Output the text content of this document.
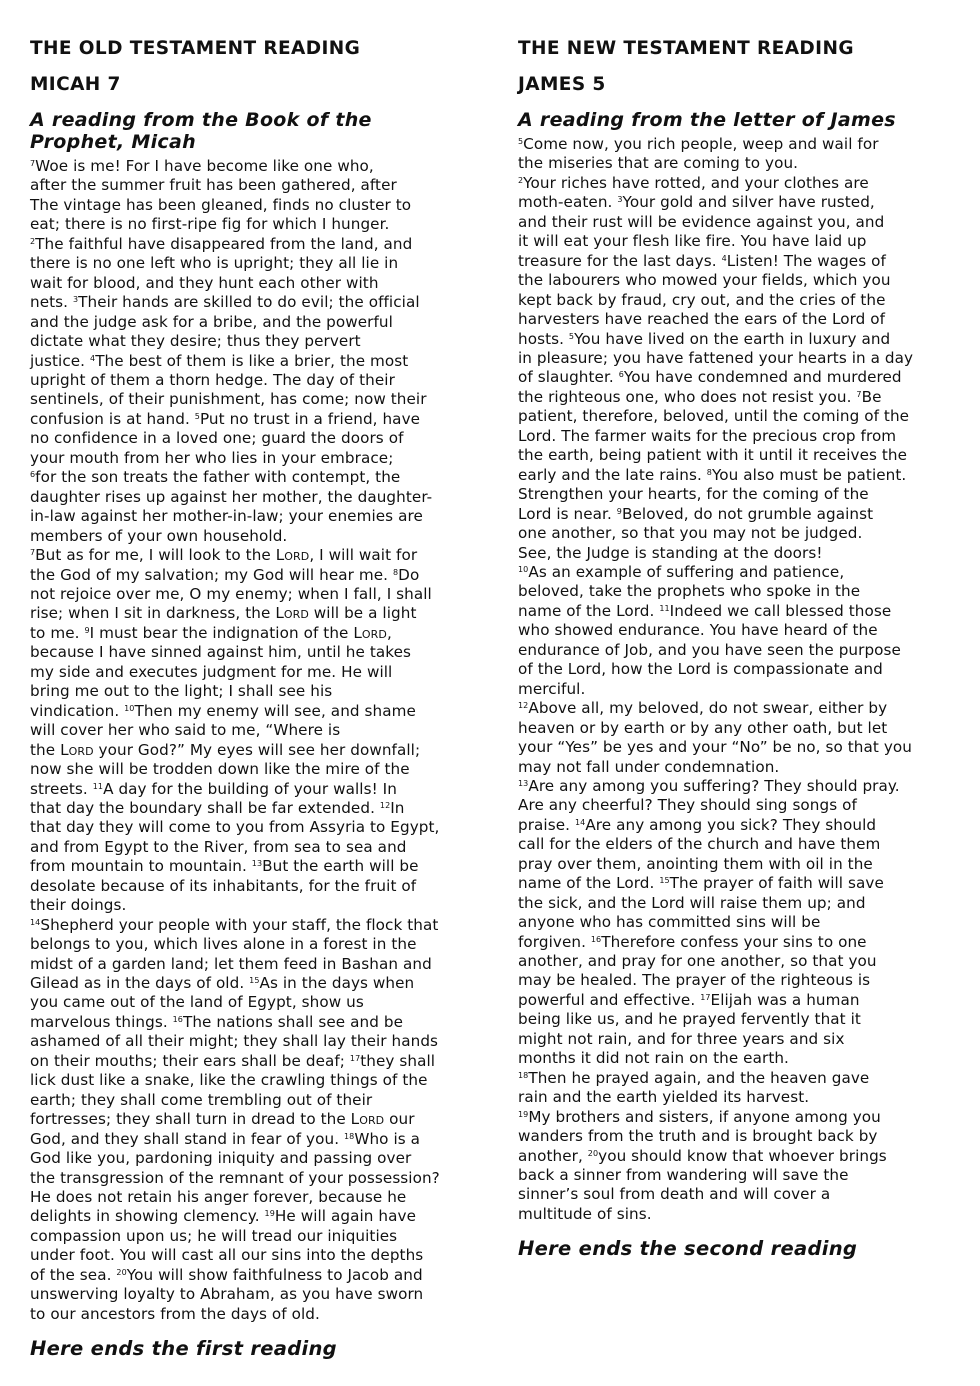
THE OLD TESTAMENT READING
MICAH 7
A reading from the Book of the Prophet, Micah
$^7$Woe is me! For I have become like one who,
after the summer fruit has been gathered, after
The vintage has been gleaned, finds no cluster to
eat; there is no first-ripe fig for which I hunger.
$^2$The faithful have disappeared from the land, and
there is no one left who is upright; they all lie in
wait for blood, and they hunt each other with
nets. $^3$Their hands are skilled to do evil; the official
and the judge ask for a bribe, and the powerful
dictate what they desire; thus they pervert
justice. $^4$The best of them is like a brier, the most
upright of them a thorn hedge. The day of their
sentinels, of their punishment, has come; now their
confusion is at hand. $^5$Put no trust in a friend, have
no confidence in a loved one; guard the doors of
your mouth from her who lies in your embrace;
$^6$for the son treats the father with contempt, the
daughter rises up against her mother, the daughter-
in-law against her mother-in-law; your enemies are
members of your own household.
$^7$But as for me, I will look to the Lord, I will wait for
the God of my salvation; my God will hear me. $^8$Do
not rejoice over me, O my enemy; when I fall, I shall
rise; when I sit in darkness, the Lord will be a light
to me. $^9$I must bear the indignation of the Lord,
because I have sinned against him, until he takes
my side and executes judgment for me. He will
bring me out to the light; I shall see his
vindication. $^{10}$Then my enemy will see, and shame
will cover her who said to me, “Where is
the Lord your God?” My eyes will see her downfall;
now she will be trodden down like the mire of the
streets. $^{11}$A day for the building of your walls! In
that day the boundary shall be far extended. $^{12}$In
that day they will come to you from Assyria to Egypt,
and from Egypt to the River, from sea to sea and
from mountain to mountain. $^{13}$But the earth will be
desolate because of its inhabitants, for the fruit of
their doings.
$^{14}$Shepherd your people with your staff, the flock that
belongs to you, which lives alone in a forest in the
midst of a garden land; let them feed in Bashan and
Gilead as in the days of old. $^{15}$As in the days when
you came out of the land of Egypt, show us
marvelous things. $^{16}$The nations shall see and be
ashamed of all their might; they shall lay their hands
on their mouths; their ears shall be deaf; $^{17}$they shall
lick dust like a snake, like the crawling things of the
earth; they shall come trembling out of their
fortresses; they shall turn in dread to the Lord our
God, and they shall stand in fear of you. $^{18}$Who is a
God like you, pardoning iniquity and passing over
the transgression of the remnant of your possession?
He does not retain his anger forever, because he
delights in showing clemency. $^{19}$He will again have
compassion upon us; he will tread our iniquities
under foot. You will cast all our sins into the depths
of the sea. $^{20}$You will show faithfulness to Jacob and
unswerving loyalty to Abraham, as you have sworn
to our ancestors from the days of old.
Here ends the first reading
THE NEW TESTAMENT READING
JAMES 5
A reading from the letter of James
$^5$Come now, you rich people, weep and wail for
the miseries that are coming to you.
$^2$Your riches have rotted, and your clothes are
moth-eaten. $^3$Your gold and silver have rusted,
and their rust will be evidence against you, and
it will eat your flesh like fire. You have laid up
treasure for the last days. $^4$Listen! The wages of
the labourers who mowed your fields, which you
kept back by fraud, cry out, and the cries of the
harvesters have reached the ears of the Lord of
hosts. $^5$You have lived on the earth in luxury and
in pleasure; you have fattened your hearts in a day
of slaughter. $^6$You have condemned and murdered
the righteous one, who does not resist you. $^7$Be
patient, therefore, beloved, until the coming of the
Lord. The farmer waits for the precious crop from
the earth, being patient with it until it receives the
early and the late rains. $^8$You also must be patient.
Strengthen your hearts, for the coming of the
Lord is near. $^9$Beloved, do not grumble against
one another, so that you may not be judged.
See, the Judge is standing at the doors!
$^{10}$As an example of suffering and patience,
beloved, take the prophets who spoke in the
name of the Lord. $^{11}$Indeed we call blessed those
who showed endurance. You have heard of the
endurance of Job, and you have seen the purpose
of the Lord, how the Lord is compassionate and
merciful.
$^{12}$Above all, my beloved, do not swear, either by
heaven or by earth or by any other oath, but let
your “Yes” be yes and your “No” be no, so that you
may not fall under condemnation.
$^{13}$Are any among you suffering? They should pray.
Are any cheerful? They should sing songs of
praise. $^{14}$Are any among you sick? They should
call for the elders of the church and have them
pray over them, anointing them with oil in the
name of the Lord. $^{15}$The prayer of faith will save
the sick, and the Lord will raise them up; and
anyone who has committed sins will be
forgiven. $^{16}$Therefore confess your sins to one
another, and pray for one another, so that you
may be healed. The prayer of the righteous is
powerful and effective. $^{17}$Elijah was a human
being like us, and he prayed fervently that it
might not rain, and for three years and six
months it did not rain on the earth.
$^{18}$Then he prayed again, and the heaven gave
rain and the earth yielded its harvest.
$^{19}$My brothers and sisters, if anyone among you
wanders from the truth and is brought back by
another, $^{20}$you should know that whoever brings
back a sinner from wandering will save the
sinner’s soul from death and will cover a
multitude of sins.
Here ends the second reading
